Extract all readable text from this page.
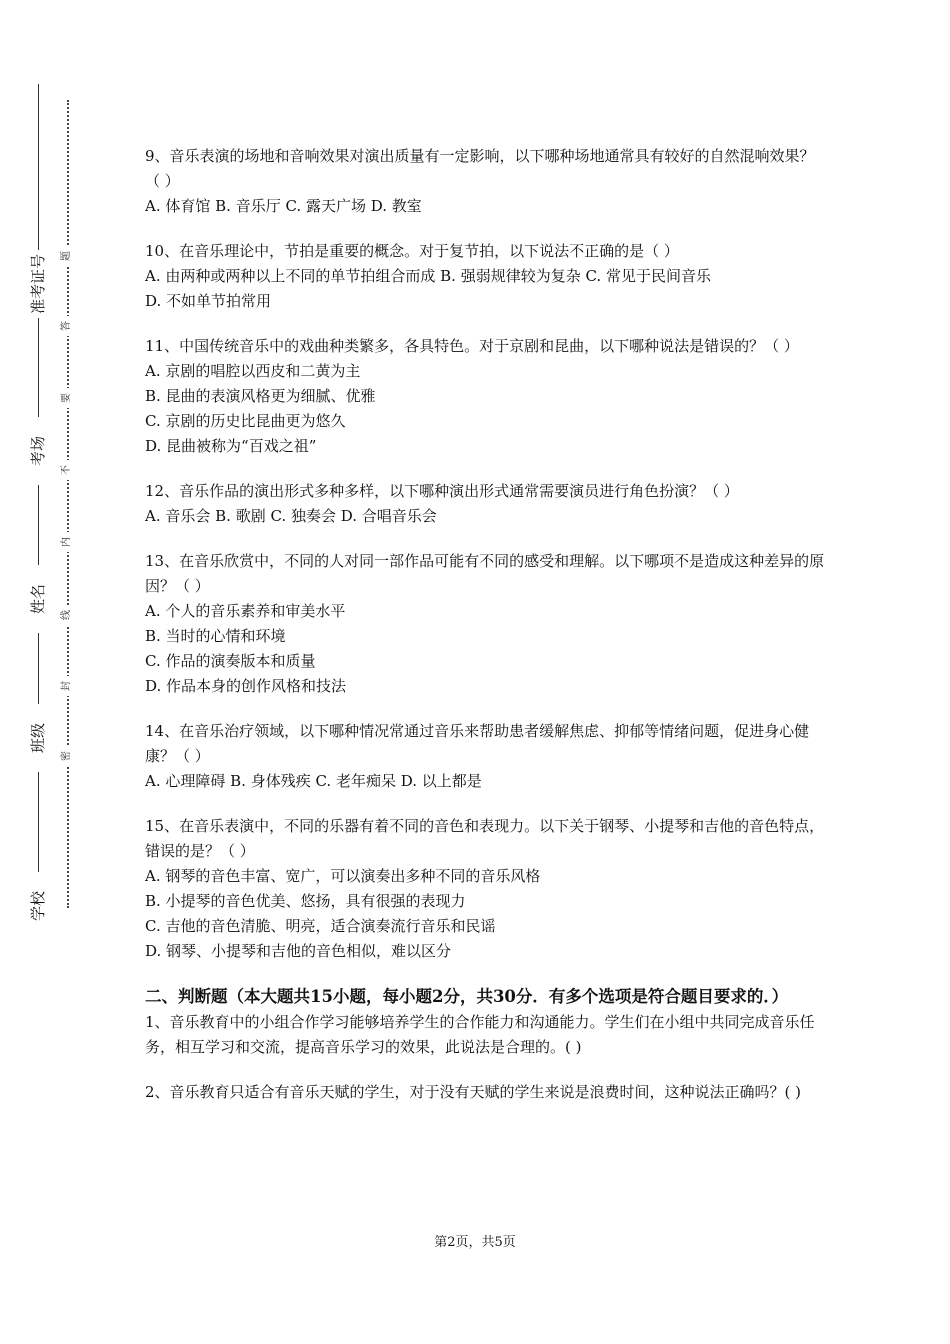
准考证号
考场
姓名
班级
学校
题
答
要
不
内
线
封
密
9、音乐表演的场地和音响效果对演出质量有一定影响，以下哪种场地通常具有较好的自然混响效果？（ ）
A. 体育馆 B. 音乐厅 C. 露天广场 D. 教室
10、在音乐理论中，节拍是重要的概念。对于复节拍，以下说法不正确的是（ ）
A. 由两种或两种以上不同的单节拍组合而成 B. 强弱规律较为复杂 C. 常见于民间音乐
D. 不如单节拍常用
11、中国传统音乐中的戏曲种类繁多，各具特色。对于京剧和昆曲，以下哪种说法是错误的？（ ）
A. 京剧的唱腔以西皮和二黄为主
B. 昆曲的表演风格更为细腻、优雅
C. 京剧的历史比昆曲更为悠久
D. 昆曲被称为“百戏之祖”
12、音乐作品的演出形式多种多样，以下哪种演出形式通常需要演员进行角色扮演？（ ）
A. 音乐会 B. 歌剧 C. 独奏会 D. 合唱音乐会
13、在音乐欣赏中，不同的人对同一部作品可能有不同的感受和理解。以下哪项不是造成这种差异的原因？（ ）
A. 个人的音乐素养和审美水平
B. 当时的心情和环境
C. 作品的演奏版本和质量
D. 作品本身的创作风格和技法
14、在音乐治疗领域，以下哪种情况常通过音乐来帮助患者缓解焦虑、抑郁等情绪问题，促进身心健康？（ ）
A. 心理障碍 B. 身体残疾 C. 老年痴呆 D. 以上都是
15、在音乐表演中，不同的乐器有着不同的音色和表现力。以下关于钢琴、小提琴和吉他的音色特点，错误的是？（ ）
A. 钢琴的音色丰富、宽广，可以演奏出多种不同的音乐风格
B. 小提琴的音色优美、悠扬，具有很强的表现力
C. 吉他的音色清脆、明亮，适合演奏流行音乐和民谣
D. 钢琴、小提琴和吉他的音色相似，难以区分
二、判断题（本大题共15小题，每小题2分，共30分．有多个选项是符合题目要求的．）
1、音乐教育中的小组合作学习能够培养学生的合作能力和沟通能力。学生们在小组中共同完成音乐任务，相互学习和交流，提高音乐学习的效果，此说法是合理的。( )
2、音乐教育只适合有音乐天赋的学生，对于没有天赋的学生来说是浪费时间，这种说法正确吗？( )
第2页，共5页
